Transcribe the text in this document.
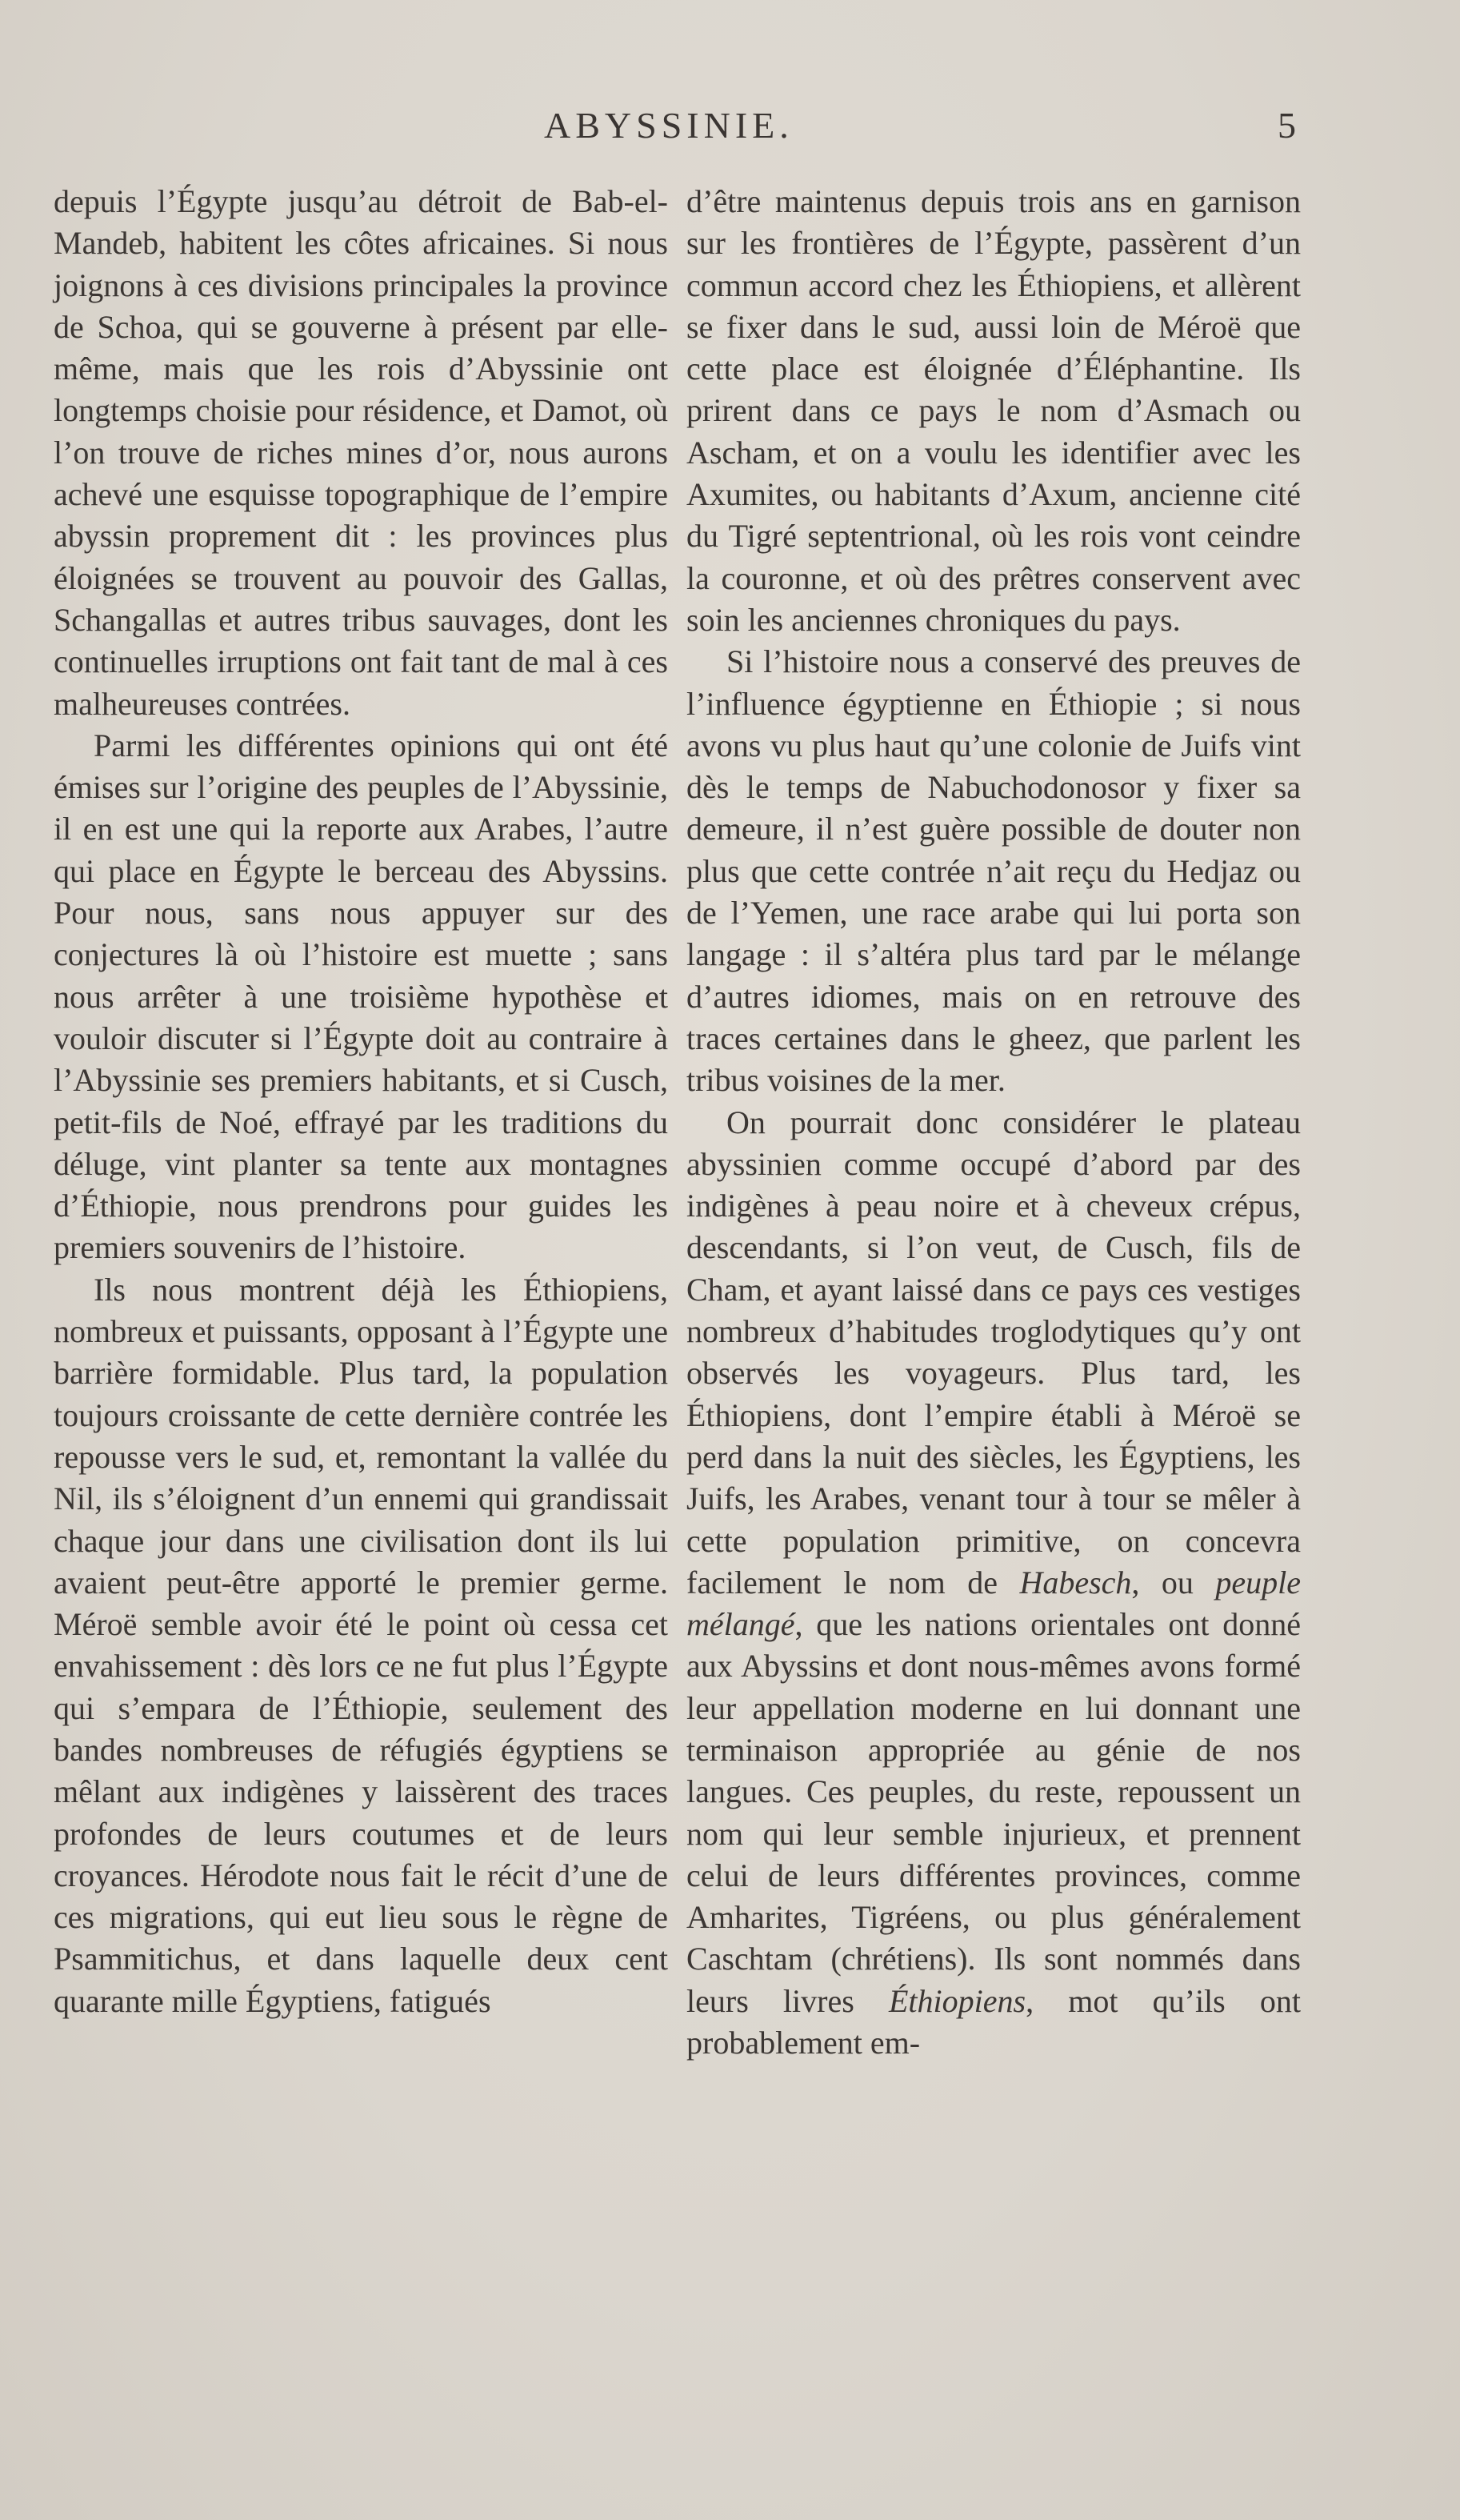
ABYSSINIE.	5

depuis l’Égypte jusqu’au détroit de Bab-el-Mandeb, habitent les côtes africaines. Si nous joignons à ces divisions principales la province de Schoa, qui se gouverne à présent par elle-même, mais que les rois d’Abyssinie ont longtemps choisie pour résidence, et Damot, où l’on trouve de riches mines d’or, nous aurons achevé une esquisse topographique de l’empire abyssin proprement dit : les provinces plus éloignées se trouvent au pouvoir des Gallas, Schangallas et autres tribus sauvages, dont les continuelles irruptions ont fait tant de mal à ces malheureuses contrées.

Parmi les différentes opinions qui ont été émises sur l’origine des peuples de l’Abyssinie, il en est une qui la reporte aux Arabes, l’autre qui place en Égypte le berceau des Abyssins. Pour nous, sans nous appuyer sur des conjectures là où l’histoire est muette ; sans nous arrêter à une troisième hypothèse et vouloir discuter si l’Égypte doit au contraire à l’Abyssinie ses premiers habitants, et si Cusch, petit-fils de Noé, effrayé par les traditions du déluge, vint planter sa tente aux montagnes d’Éthiopie, nous prendrons pour guides les premiers souvenirs de l’histoire.

Ils nous montrent déjà les Éthiopiens, nombreux et puissants, opposant à l’Égypte une barrière formidable. Plus tard, la population toujours croissante de cette dernière contrée les repousse vers le sud, et, remontant la vallée du Nil, ils s’éloignent d’un ennemi qui grandissait chaque jour dans une civilisation dont ils lui avaient peut-être apporté le premier germe. Méroë semble avoir été le point où cessa cet envahissement : dès lors ce ne fut plus l’Égypte qui s’empara de l’Éthiopie, seulement des bandes nombreuses de réfugiés égyptiens se mêlant aux indigènes y laissèrent des traces profondes de leurs coutumes et de leurs croyances. Hérodote nous fait le récit d’une de ces migrations, qui eut lieu sous le règne de Psammitichus, et dans laquelle deux cent quarante mille Égyptiens, fatigués

d’être maintenus depuis trois ans en garnison sur les frontières de l’Égypte, passèrent d’un commun accord chez les Éthiopiens, et allèrent se fixer dans le sud, aussi loin de Méroë que cette place est éloignée d’Éléphantine. Ils prirent dans ce pays le nom d’Asmach ou Ascham, et on a voulu les identifier avec les Axumites, ou habitants d’Axum, ancienne cité du Tigré septentrional, où les rois vont ceindre la couronne, et où des prêtres conservent avec soin les anciennes chroniques du pays.

Si l’histoire nous a conservé des preuves de l’influence égyptienne en Éthiopie ; si nous avons vu plus haut qu’une colonie de Juifs vint dès le temps de Nabuchodonosor y fixer sa demeure, il n’est guère possible de douter non plus que cette contrée n’ait reçu du Hedjaz ou de l’Yemen, une race arabe qui lui porta son langage : il s’altéra plus tard par le mélange d’autres idiomes, mais on en retrouve des traces certaines dans le gheez, que parlent les tribus voisines de la mer.

On pourrait donc considérer le plateau abyssinien comme occupé d’abord par des indigènes à peau noire et à cheveux crépus, descendants, si l’on veut, de Cusch, fils de Cham, et ayant laissé dans ce pays ces vestiges nombreux d’habitudes troglodytiques qu’y ont observés les voyageurs. Plus tard, les Éthiopiens, dont l’empire établi à Méroë se perd dans la nuit des siècles, les Égyptiens, les Juifs, les Arabes, venant tour à tour se mêler à cette population primitive, on concevra facilement le nom de Habesch, ou peuple mélangé, que les nations orientales ont donné aux Abyssins et dont nous-mêmes avons formé leur appellation moderne en lui donnant une terminaison appropriée au génie de nos langues. Ces peuples, du reste, repoussent un nom qui leur semble injurieux, et prennent celui de leurs différentes provinces, comme Amharites, Tigréens, ou plus généralement Caschtam (chrétiens). Ils sont nommés dans leurs livres Éthiopiens, mot qu’ils ont probablement em-
